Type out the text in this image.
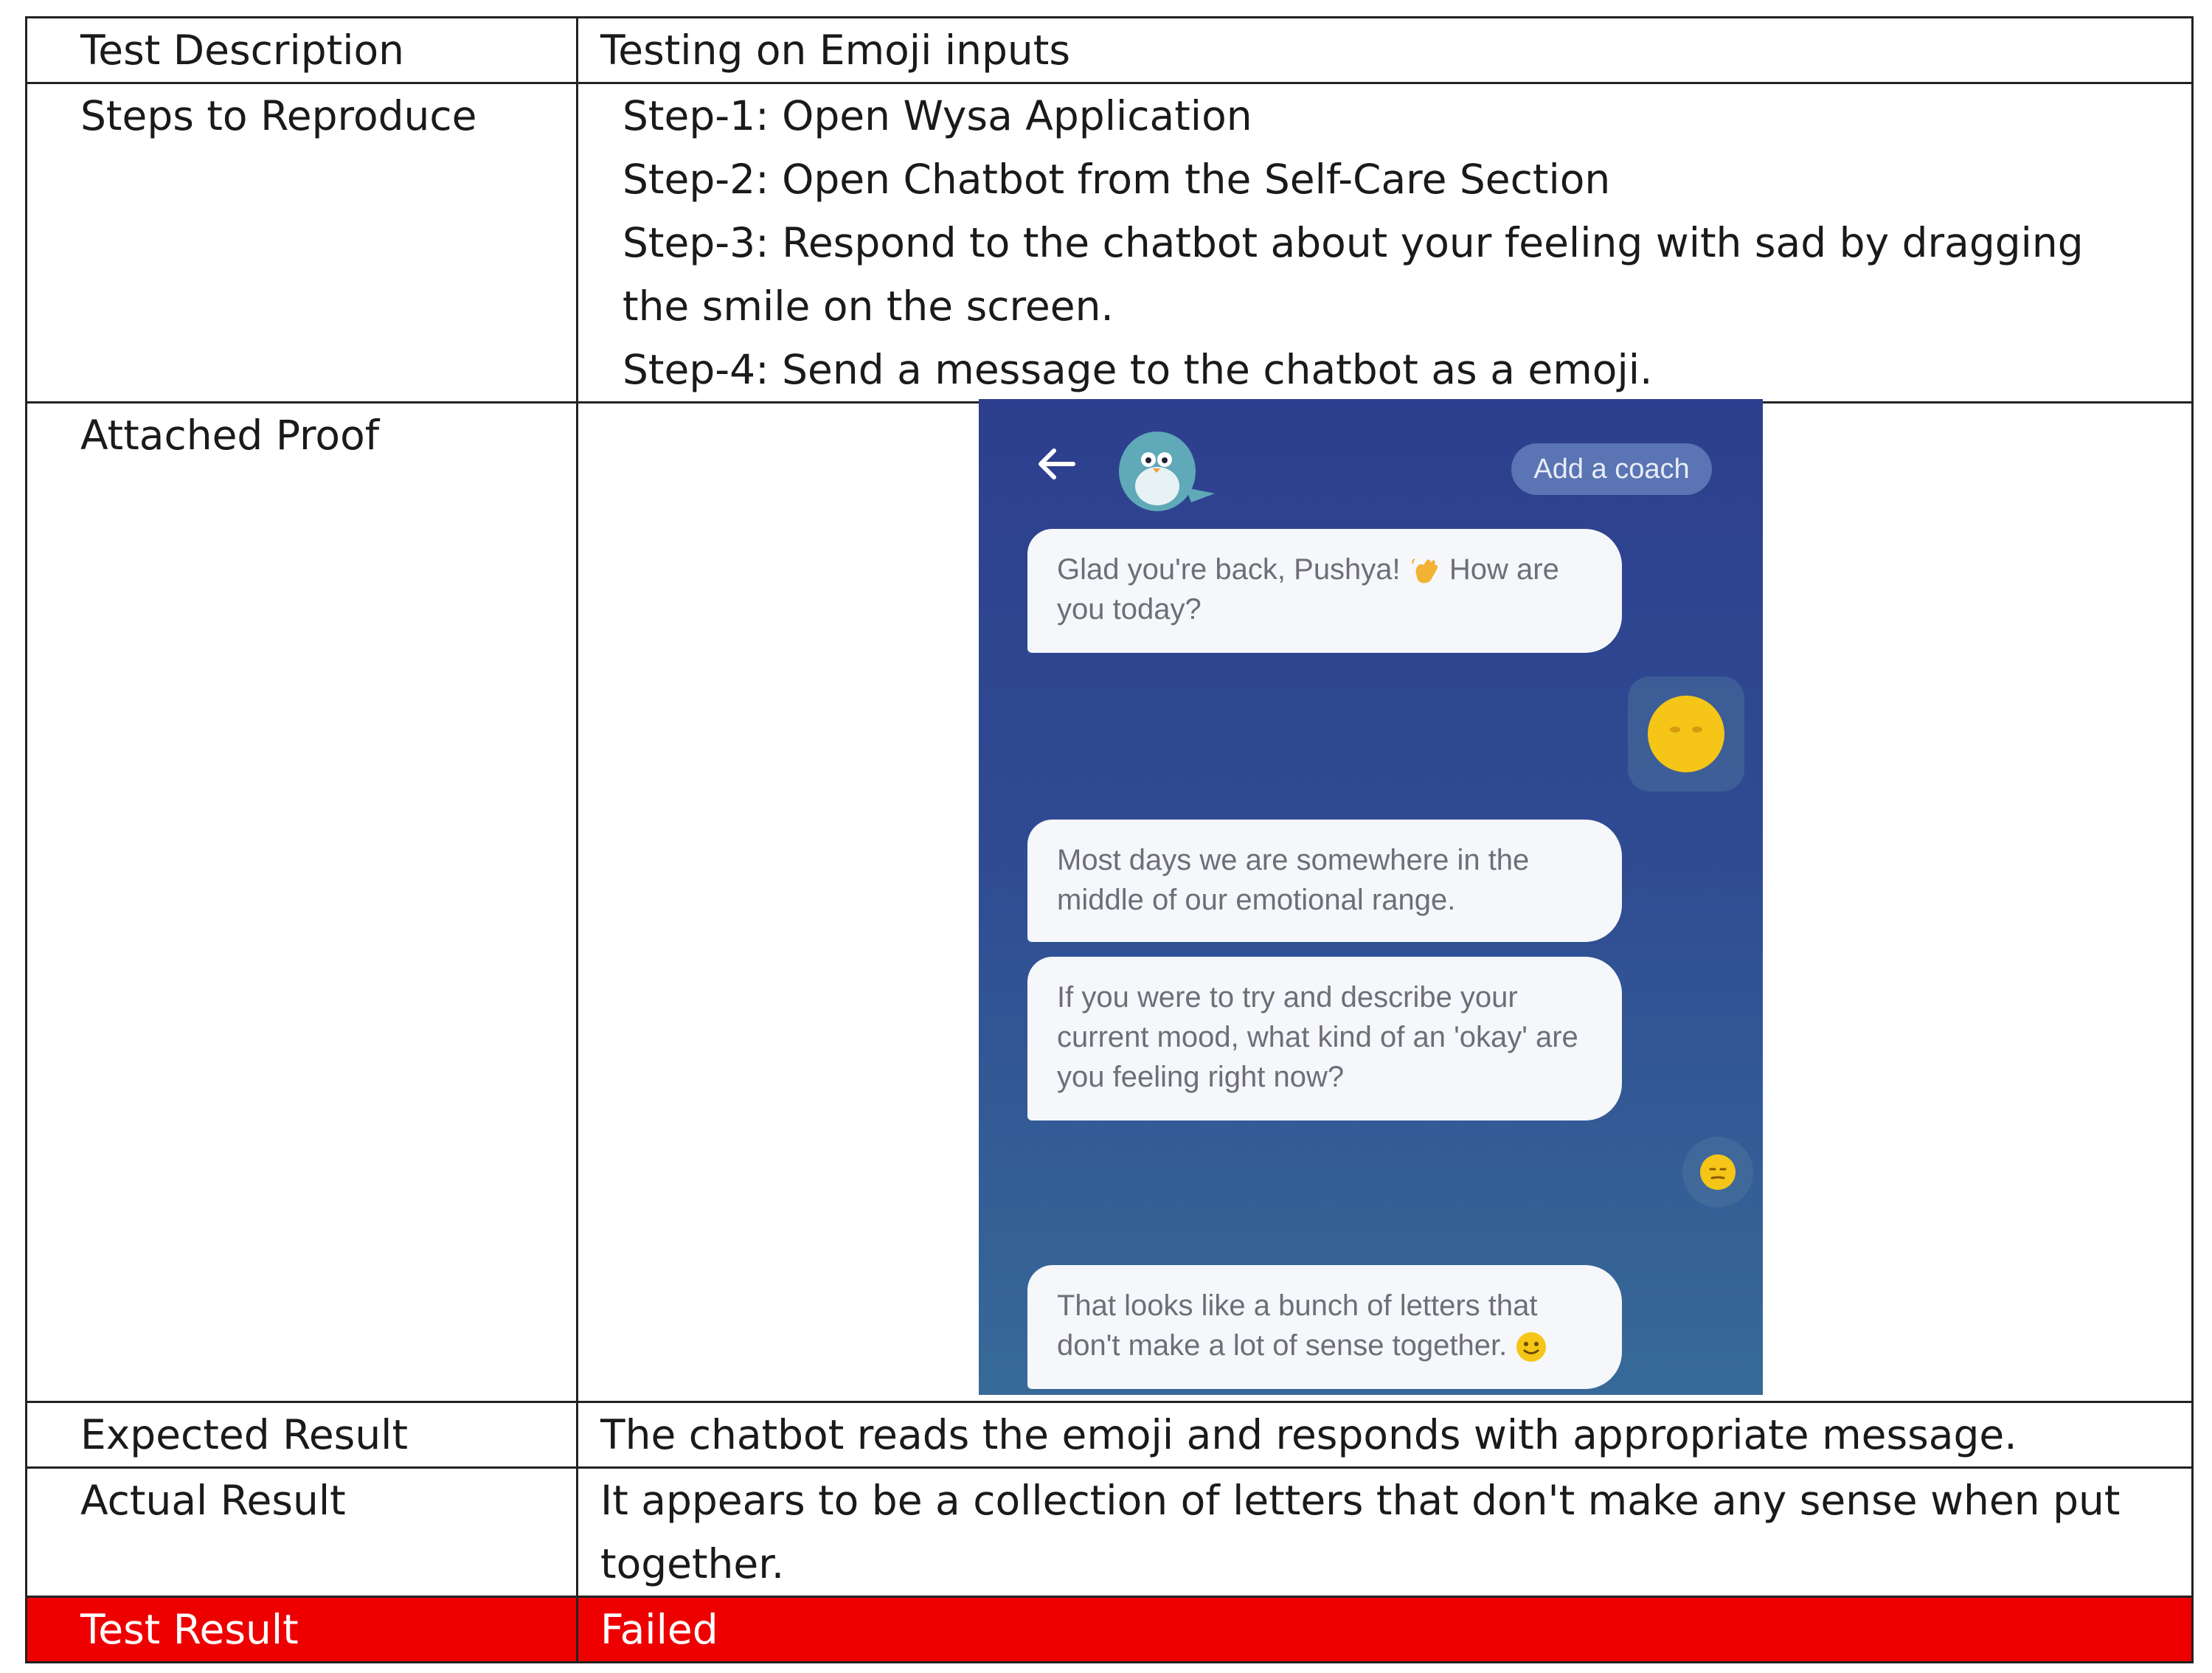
Test Description	Testing on Emoji inputs

Steps to Reproduce	Step-1: Open Wysa Application
Step-2: Open Chatbot from the Self-Care Section
Step-3: Respond to the chatbot about your feeling with sad by dragging the smile on the screen.
Step-4: Send a message to the chatbot as a emoji.

Attached Proof	

Expected Result	The chatbot reads the emoji and responds with appropriate message.

Actual Result	It appears to be a collection of letters that don't make any sense when put together.

Test Result	Failed
Add a coach
Glad you're back, Pushya! How are you today?
Most days we are somewhere in the middle of our emotional range.
If you were to try and describe your current mood, what kind of an 'okay' are you feeling right now?
That looks like a bunch of letters that don't make a lot of sense together.
